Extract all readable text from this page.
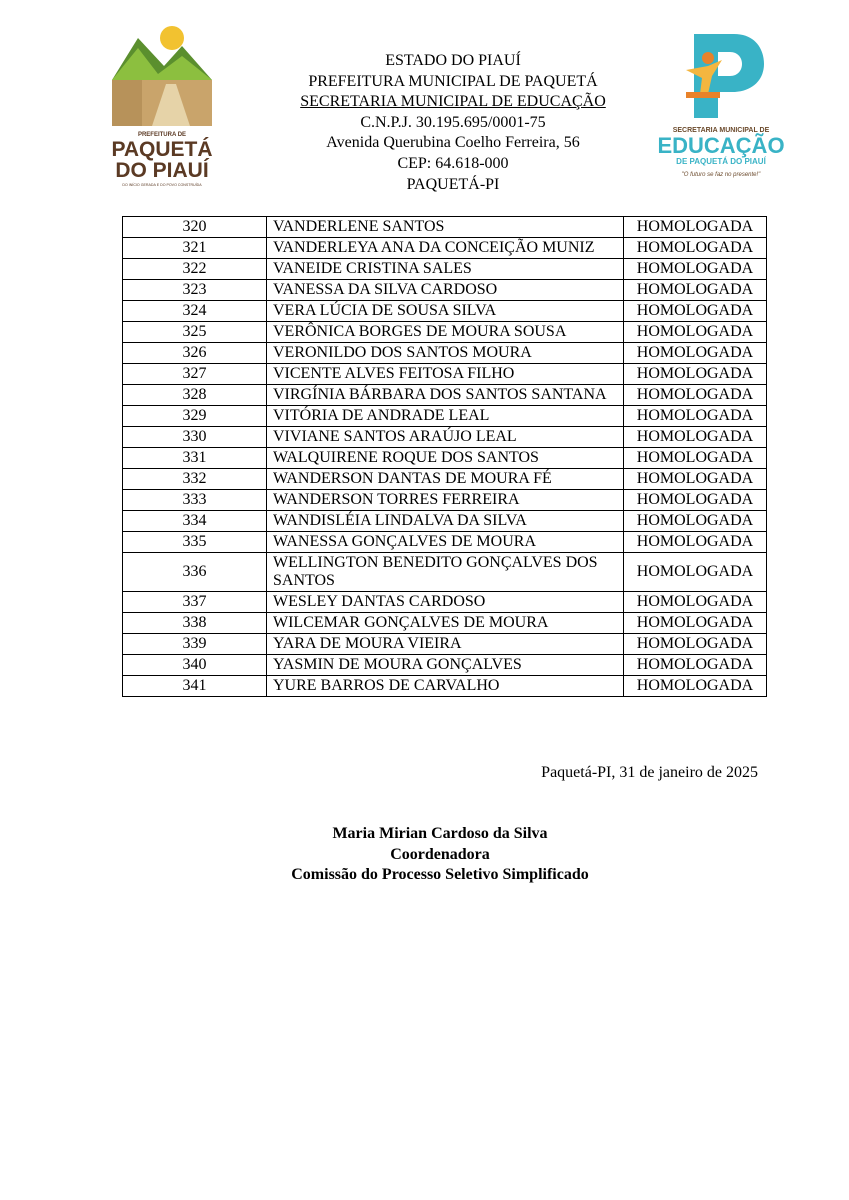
PREFEITURA DE
PAQUETÁ
DO PIAUÍ
DO INÍCIO GERADA E DO POVO CONSTRUÍDA
ESTADO DO PIAUÍ
PREFEITURA MUNICIPAL DE PAQUETÁ
SECRETARIA MUNICIPAL DE EDUCAÇÃO
C.N.P.J. 30.195.695/0001-75
Avenida Querubina Coelho Ferreira, 56
CEP: 64.618-000
PAQUETÁ-PI
SECRETARIA MUNICIPAL DE
EDUCAÇÃO
DE PAQUETÁ DO PIAUÍ
"O futuro se faz no presente!"
320	VANDERLENE SANTOS	HOMOLOGADA
321	VANDERLEYA ANA DA CONCEIÇÃO MUNIZ	HOMOLOGADA
322	VANEIDE CRISTINA SALES	HOMOLOGADA
323	VANESSA DA SILVA CARDOSO	HOMOLOGADA
324	VERA LÚCIA DE SOUSA SILVA	HOMOLOGADA
325	VERÔNICA BORGES DE MOURA SOUSA	HOMOLOGADA
326	VERONILDO DOS SANTOS MOURA	HOMOLOGADA
327	VICENTE ALVES FEITOSA FILHO	HOMOLOGADA
328	VIRGÍNIA BÁRBARA DOS SANTOS SANTANA	HOMOLOGADA
329	VITÓRIA DE ANDRADE LEAL	HOMOLOGADA
330	VIVIANE SANTOS ARAÚJO LEAL	HOMOLOGADA
331	WALQUIRENE ROQUE DOS SANTOS	HOMOLOGADA
332	WANDERSON DANTAS DE MOURA FÉ	HOMOLOGADA
333	WANDERSON TORRES FERREIRA	HOMOLOGADA
334	WANDISLÉIA LINDALVA DA SILVA	HOMOLOGADA
335	WANESSA GONÇALVES DE MOURA	HOMOLOGADA
336	WELLINGTON BENEDITO GONÇALVES DOS SANTOS	HOMOLOGADA
337	WESLEY DANTAS CARDOSO	HOMOLOGADA
338	WILCEMAR GONÇALVES DE MOURA	HOMOLOGADA
339	YARA DE MOURA VIEIRA	HOMOLOGADA
340	YASMIN DE MOURA GONÇALVES	HOMOLOGADA
341	YURE BARROS DE CARVALHO	HOMOLOGADA
Paquetá-PI, 31 de janeiro de 2025
Maria Mirian Cardoso da Silva
Coordenadora
Comissão do Processo Seletivo Simplificado
